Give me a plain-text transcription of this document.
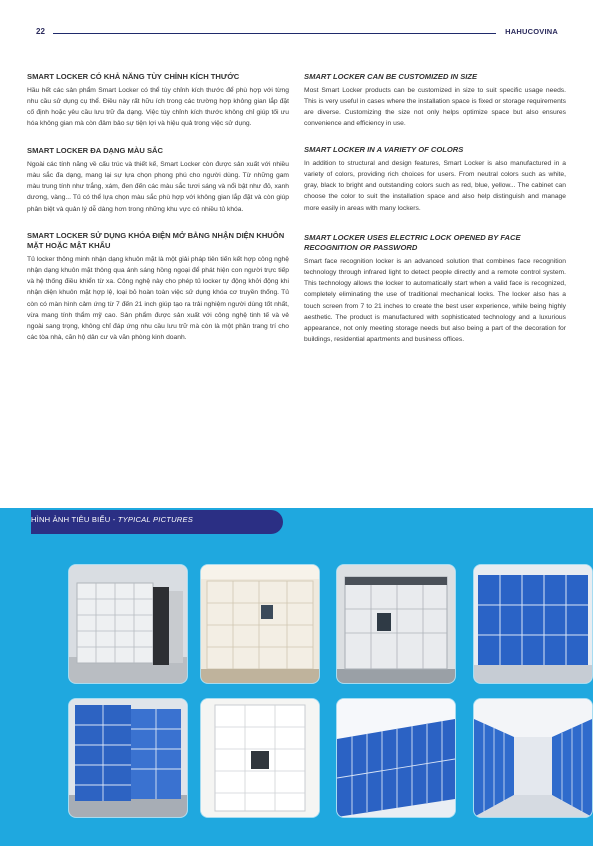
22	HAHUCOVINA
SMART LOCKER CÓ KHẢ NĂNG TÙY CHỈNH KÍCH THƯỚC

Hầu hết các sản phẩm Smart Locker có thể tùy chỉnh kích thước để phù hợp với từng nhu cầu sử dụng cụ thể. Điều này rất hữu ích trong các trường hợp không gian lắp đặt cố định hoặc yêu cầu lưu trữ đa dạng. Việc tùy chỉnh kích thước không chỉ giúp tối ưu hóa không gian mà còn đảm bảo sự tiện lợi và hiệu quả trong việc sử dụng.

SMART LOCKER ĐA DẠNG MÀU SẮC

Ngoài các tính năng về cấu trúc và thiết kế, Smart Locker còn được sản xuất với nhiều màu sắc đa dạng, mang lại sự lựa chọn phong phú cho người dùng. Từ những gam màu trung tính như trắng, xám, đen đến các màu sắc tươi sáng và nổi bật như đỏ, xanh dương, vàng... Tủ có thể lựa chọn màu sắc phù hợp với không gian lắp đặt và còn giúp phân biệt và quản lý dễ dàng hơn trong những khu vực có nhiều tủ khóa.

SMART LOCKER SỬ DỤNG KHÓA ĐIỆN MỞ BẰNG NHẬN DIỆN KHUÔN MẶT HOẶC MẬT KHẨU

Tủ locker thông minh nhận dạng khuôn mặt là một giải pháp tiên tiến kết hợp công nghệ nhận dạng khuôn mặt thông qua ánh sáng hồng ngoại để phát hiện con người trực tiếp và hệ thống điều khiển từ xa. Công nghệ này cho phép tủ locker tự động khởi động khi nhận diện khuôn mặt hợp lệ, loại bỏ hoàn toàn việc sử dụng khóa cơ truyền thống. Tủ còn có màn hình cảm ứng từ 7 đến 21 inch giúp tạo ra trải nghiệm người dùng tốt nhất, vừa mang tính thẩm mỹ cao. Sản phẩm được sản xuất với công nghệ tinh tế và vẻ ngoài sang trọng, không chỉ đáp ứng nhu cầu lưu trữ mà còn là một phần trang trí cho các tòa nhà, căn hộ dân cư và văn phòng kinh doanh.

SMART LOCKER CAN BE CUSTOMIZED IN SIZE

Most Smart Locker products can be customized in size to suit specific usage needs. This is very useful in cases where the installation space is fixed or storage requirements are diverse. Customizing the size not only helps optimize space but also ensures convenience and efficiency in use.

SMART LOCKER IN A VARIETY OF COLORS

In addition to structural and design features, Smart Locker is also manufactured in a variety of colors, providing rich choices for users. From neutral colors such as white, gray, black to bright and outstanding colors such as red, blue, yellow... The cabinet can choose the color to suit the installation space and also help distinguish and manage more easily in areas with many lockers.

SMART LOCKER USES ELECTRIC LOCK OPENED BY FACE RECOGNITION OR PASSWORD

Smart face recognition locker is an advanced solution that combines face recognition technology through infrared light to detect people directly and a remote control system. This technology allows the locker to automatically start when a valid face is recognized, completely eliminating the use of traditional mechanical locks. The locker also has a touch screen from 7 to 21 inches to create the best user experience, while being highly aesthetic. The product is manufactured with sophisticated technology and a luxurious appearance, not only meeting storage needs but also being a part of the decoration for buildings, residential apartments and business offices.

HÌNH ẢNH TIÊU BIỂU - TYPICAL PICTURES
